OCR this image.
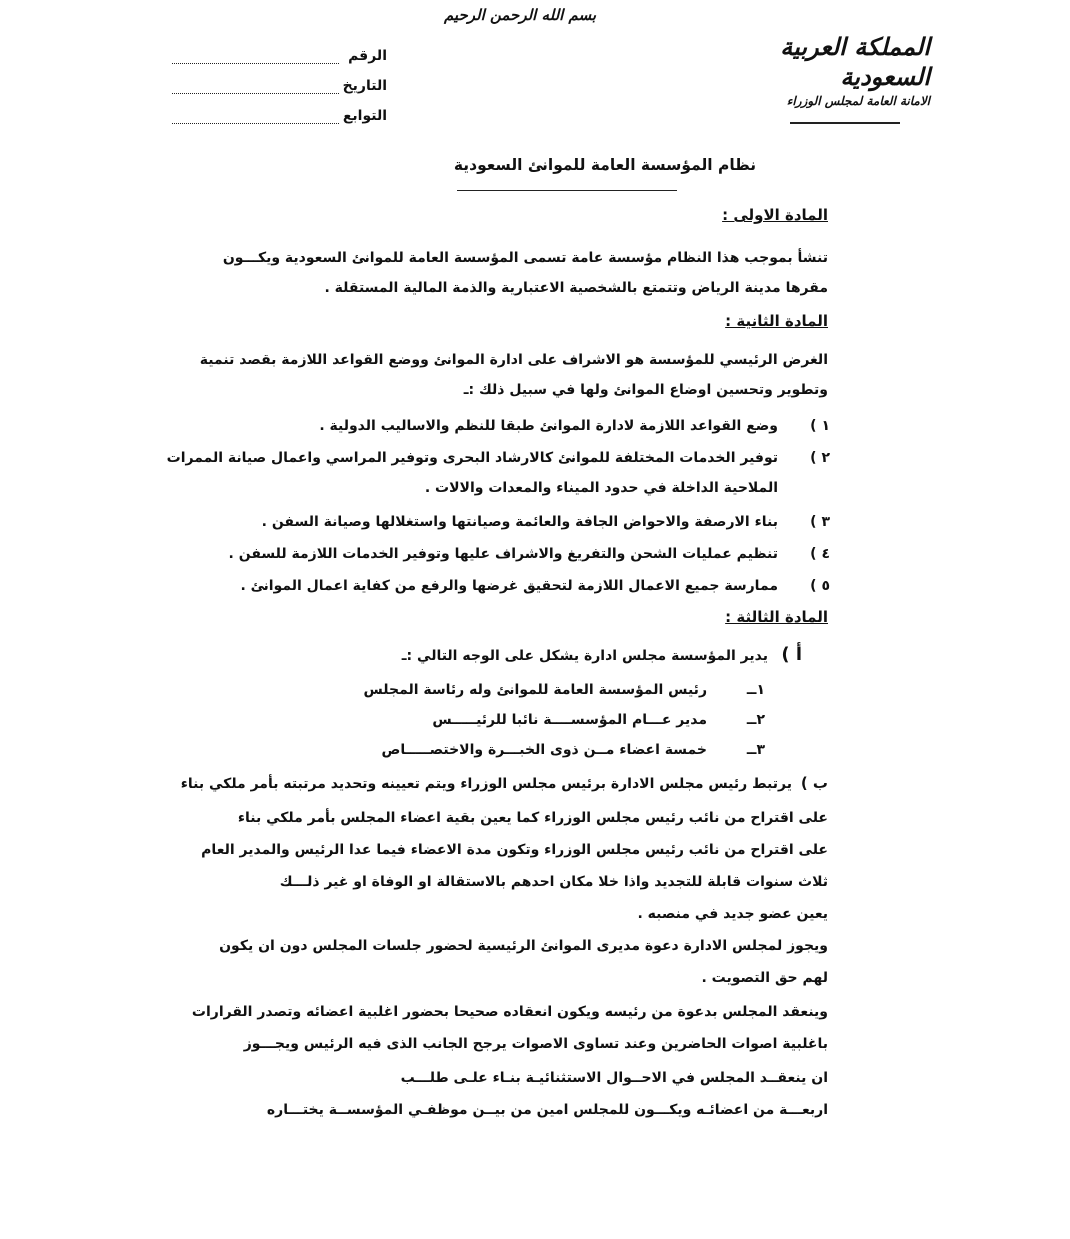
بسم الله الرحمن الرحيم
الرقم
التاريخ
التوابع
المملكة العربية السعودية
الامانة العامة لمجلس الوزراء
نظام المؤسسة العامة للموانئ السعودية
المادة الاولى :
تنشأ بموجب هذا النظام مؤسسة عامة تسمى المؤسسة العامة للموانئ السعودية ويكـــون
مقرها مدينة الرياض وتتمتع بالشخصية الاعتبارية والذمة المالية المستقلة .
المادة الثانية :
الغرض الرئيسي للمؤسسة هو الاشراف على ادارة الموانئ ووضع القواعد اللازمة بقصد تنمية
وتطوير وتحسين اوضاع الموانئ ولها في سبيل ذلك :ـ
١ )
وضع القواعد اللازمة لادارة الموانئ طبقا للنظم والاساليب الدولية .
٢ )
توفير الخدمات المختلفة للموانئ كالارشاد البحرى وتوفير المراسي واعمال صيانة الممرات
الملاحية الداخلة في حدود الميناء والمعدات والالات .
٣ )
بناء الارصفة والاحواض الجافة والعائمة وصيانتها واستغلالها وصيانة السفن .
٤ )
تنظيم عمليات الشحن والتفريغ والاشراف عليها وتوفير الخدمات اللازمة للسفن .
٥ )
ممارسة جميع الاعمال اللازمة لتحقيق غرضها والرفع من كفاية اعمال الموانئ .
المادة الثالثة :
أ )
يدير المؤسسة مجلس ادارة يشكل على الوجه التالي :ـ
١ــ
رئيس المؤسسة العامة للموانئ وله رئاسة المجلس
٢ــ
مدير عـــام المؤسســــة نائبا للرئيـــــس
٣ــ
خمسة اعضاء مــن ذوى الخبـــرة والاختصـــــاص
ب )
يرتبط رئيس مجلس الادارة برئيس مجلس الوزراء ويتم تعيينه وتحديد مرتبته بأمر ملكي بناء
على اقتراح من نائب رئيس مجلس الوزراء كما يعين بقية اعضاء المجلس بأمر ملكي بناء
على اقتراح من نائب رئيس مجلس الوزراء وتكون مدة الاعضاء فيما عدا الرئيس والمدير العام
ثلاث سنوات قابلة للتجديد واذا خلا مكان احدهم بالاستقالة او الوفاة او غير ذلـــك
يعين عضو جديد في منصبه .
ويجوز لمجلس الادارة دعوة مديرى الموانئ الرئيسية لحضور جلسات المجلس دون ان يكون
لهم حق التصويت .
وينعقد المجلس بدعوة من رئيسه ويكون انعقاده صحيحا بحضور اغلبية اعضائه وتصدر القرارات
باغلبية اصوات الحاضرين وعند تساوى الاصوات يرجح الجانب الذى فيه الرئيس ويجـــوز
ان ينعقــد المجلس في الاحــوال الاستثنائيـة بنـاء علـى طلـــب
اربعـــة من اعضائـه ويكـــون للمجلس امين من بيــن موظفـي المؤسســة يختـــاره
